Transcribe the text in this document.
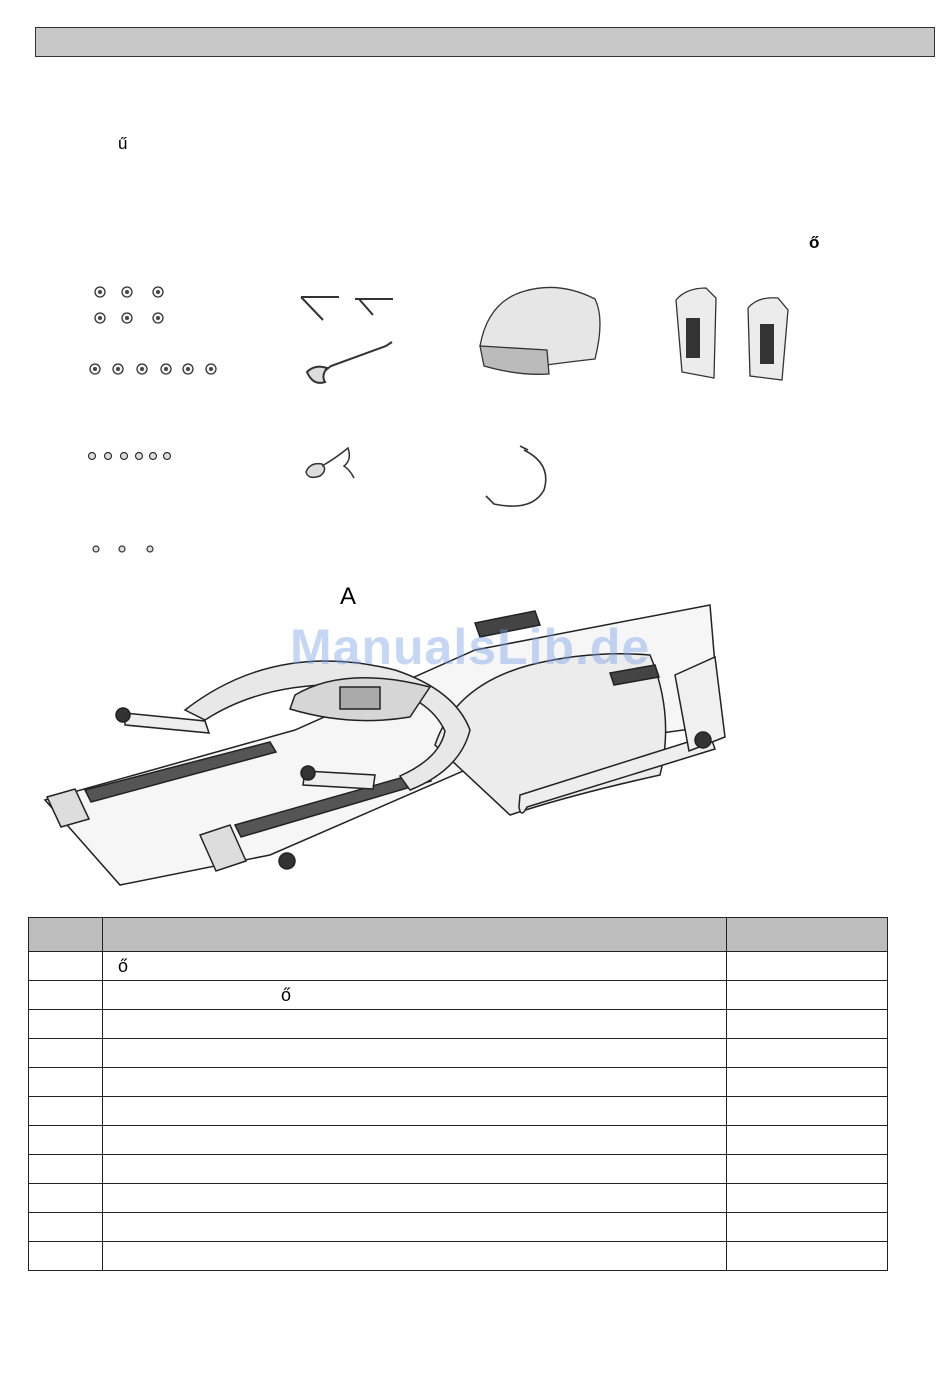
ű
ő
A
ManualsLib.de

	ő	
	ő	
